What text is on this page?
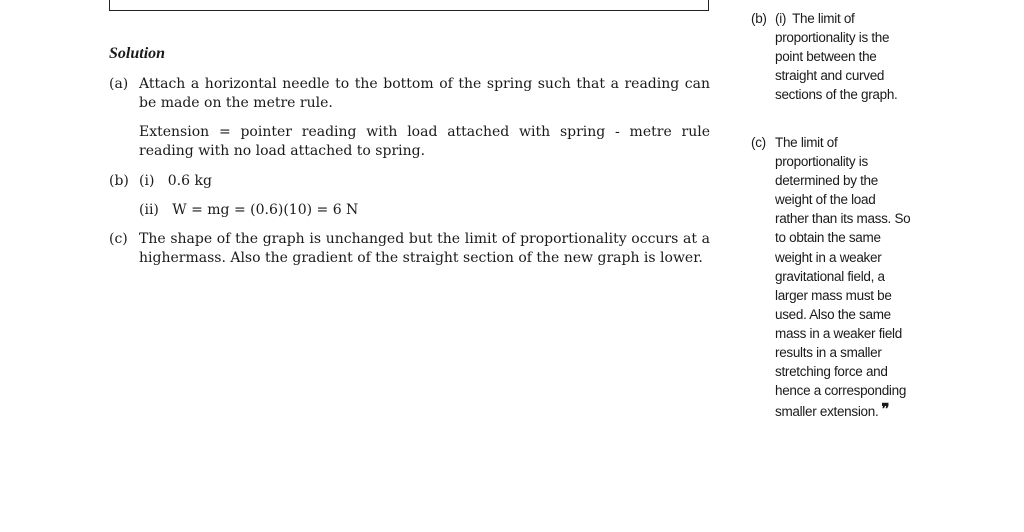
Solution
(a) Attach a horizontal needle to the bottom of the spring such that a reading can be made on the metre rule.
Extension = pointer reading with load attached with spring - metre rule reading with no load attached to spring.
(b) (i) 0.6 kg
(ii) W = mg = (0.6)(10) = 6 N
(c) The shape of the graph is unchanged but the limit of proportionality occurs at a highermass. Also the gradient of the straight section of the new graph is lower.
(b) (i) The limit of proportionality is the point between the straight and curved sections of the graph.
(c) The limit of proportionality is determined by the weight of the load rather than its mass. So to obtain the same weight in a weaker gravitational field, a larger mass must be used. Also the same mass in a weaker field results in a smaller stretching force and hence a corresponding smaller extension. ❞
